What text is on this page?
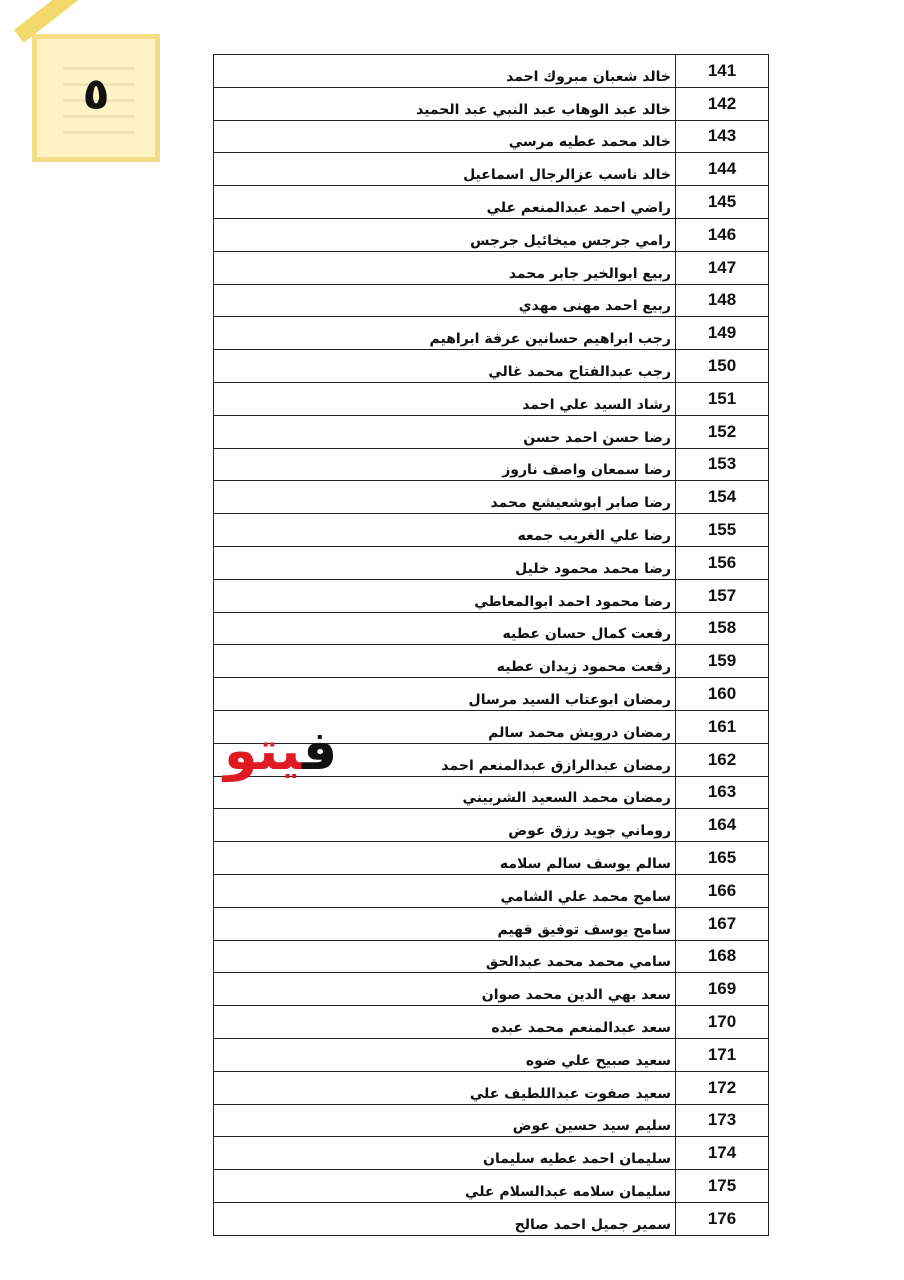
٥	141	خالد شعبان مبروك احمد
142	خالد عبد الوهاب عبد النبي عبد الحميد
143	خالد محمد عطيه مرسي
144	خالد ناسب عزالرجال اسماعيل
145	راضي احمد عبدالمنعم علي
146	رامي جرجس ميخائيل جرجس
147	ربيع ابوالخير جابر محمد
148	ربيع احمد مهنى مهدي
149	رجب ابراهيم حسانين عرفة ابراهيم
150	رجب عبدالفتاح محمد غالي
151	رشاد السيد علي احمد
152	رضا حسن احمد حسن
153	رضا سمعان واصف ناروز
154	رضا صابر ابوشعيشع محمد
155	رضا علي الغريب جمعه
156	رضا محمد محمود خليل
157	رضا محمود احمد ابوالمعاطي
158	رفعت كمال حسان عطيه
159	رفعت محمود زيدان عطيه
160	رمضان ابوعتاب السيد مرسال
161	رمضان درويش محمد سالم
162	رمضان عبدالرازق عبدالمنعم احمد
163	رمضان محمد السعيد الشربيني
164	روماني جويد رزق عوض
165	سالم يوسف سالم سلامه
166	سامح محمد علي الشامي
167	سامح يوسف توفيق فهيم
168	سامي محمد محمد عبدالحق
169	سعد بهي الدين محمد صوان
170	سعد عبدالمنعم محمد عبده
171	سعيد صبيح علي ضوه
172	سعيد صفوت عبداللطيف علي
173	سليم سيد حسين عوض
174	سليمان احمد عطيه سليمان
175	سليمان سلامه عبدالسلام علي
176	سمير جميل احمد صالح
فيتو
